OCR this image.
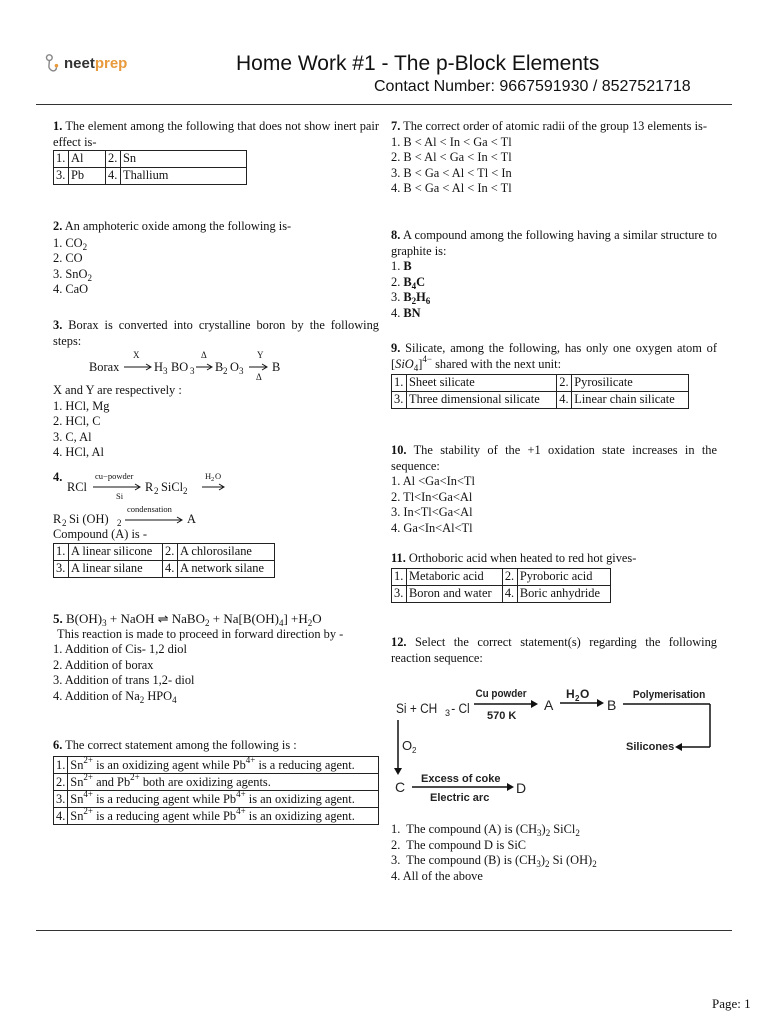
neet prep	Home Work #1 - The p-Block Elements
Contact Number: 9667591930 / 8527521718
1. The element among the following that does not show inert pair effect is-
1.	Al	2.	Sn
3.	Pb	4.	Thallium
2. An amphoteric oxide among the following is-
1. $CO_2$
2. CO
3. SnO$_2$
4. CaO
3. Borax is converted into crystalline boron by the following steps:
Borax
X
H 3 BO 3
Δ
B 2 O 3
Y
Δ
B
X and Y are respectively :
1. HCl, Mg
2. HCl, C
3. C, Al
4. HCl, Al
4.
RCl
cu−powder
Si
R 2 SiCl 2
H 2 O
R 2 Si (OH) 2
condensation
A
Compound (A) is -
1.	A linear silicone	2.	A chlorosilane
3.	A linear silane	4.	A network silane
5. $B(OH)_3$ + NaOH ⇌ NaBO$_2$ + $Na[B(OH)_4] +H_2O$
This reaction is made to proceed in forward direction by -
1. Addition of Cis- 1,2 diol
2. Addition of borax
3. Addition of trans 1,2- diol
4. Addition of $Na_2$ $HPO_4$
6. The correct statement among the following is :
1.	$Sn^{2+}$ is an oxidizing agent while $Pb^{4+}$ is a reducing agent.
2.	$Sn^{2+}$ and $Pb^{2+}$ both are oxidizing agents.
3.	$Sn^{4+}$ is a reducing agent while $Pb^{4+}$ is an oxidizing agent.
4.	$Sn^{2+}$ is a reducing agent while $Pb^{4+}$ is an oxidizing agent.
7. The correct order of atomic radii of the group 13 elements is-
1. B < Al < In < Ga < Tl
2. B < Al < Ga < In < Tl
3. B < Ga < Al < Tl < In
4. B < Ga < Al < In < Tl
8. A compound among the following having a similar structure to graphite is:
1. B
2. $B_4C$
3. $B_2H_6$
4. BN
9. Silicate, among the following, has only one oxygen atom of $[SiO_4]^{4-}$ shared with the next unit:
1.	Sheet silicate	2.	Pyrosilicate
3.	Three dimensional silicate	4.	Linear chain silicate
10. The stability of the +1 oxidation state increases in the sequence:
1. Al <Ga<In<Tl
2. Tl<In<Ga<Al
3. In<Tl<Ga<Al
4. Ga<In<Al<Tl
11. Orthoboric acid when heated to red hot gives-
1.	Metaboric acid	2.	Pyroboric acid
3.	Boron and water	4.	Boric anhydride
12. Select the correct statement(s) regarding the following reaction sequence:
Si + CH 3 - Cl
Cu powder
570 K
A
H 2 O
B
Polymerisation
Silicones
O 2
C Excess of coke
Electric arc
D
1.  The compound (A) is $(CH_3)_2$ SiCl$_2$
2.  The compound D is SiC
3.  The compound (B) is $(CH_3)_2$ Si $(OH)_2$
4. All of the above
Page: 1
